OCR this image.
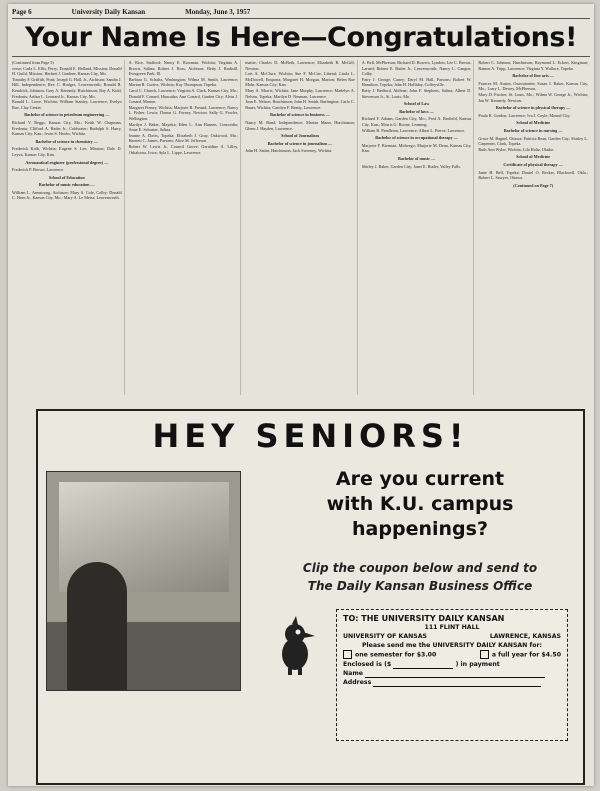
Page 6	University Daily Kansan	Monday, June 3, 1957
Your Name Is Here—Congratulations!

(Continued from Page 5)

verse; Carla L. Ellis, Perry; Donald E. Holland, Mission; Donald H. Guild, Mission; Herbert J. Gardner, Kansas City, Mo.

Timothy F. Griffith, Pratt; Joseph G. Hall, Jr., Atchison; Sandra J. Hill, Independence; Rex C. Hodges, Leavenworth; Ronald R. Kendrick, Johnson; Gary A. Kennedy, Hutchinson; Ray A. Kidd, Fredonia; Arthur L. Leonard Jr., Kansas City, Mo.

Ronald L. Lowe, Wichita; William Stanley, Lawrence; Evelyn Rue, Clay Center.

Bachelor of science in petroleum engineering —

Richard V. Beggs, Kansas City, Mo.; Keith W. Chapman, Fredonia; Clifford A. Rader Jr., Coldwater; Rudolph S. Harry, Kansas City, Kan.; Irwin S. Hooks, Wichita.

Bachelor of science in chemistry —

Frederick Kolb, Wichita; Eugene S. Lee, Mission; Dale D. Leyva, Kansas City, Kan.

Aeronautical engineer (professional degree) —

Frederick P. Brown, Lawrence.

School of Education

Bachelor of music education —

William L. Armstrong, Atchison; Mary S. Cole, Colby; Donald C. Horn Jr., Kansas City, Mo.; Mary A. Le Meise, Leavenworth.

A. Rice, Stafford; Nancy E. Rowman, Wichita; Virginia A. Brown, Salina; Robert J. Ross, Atchison; Betty J. Rudisill, Evergreen Park, Ill.

Barbara G. Schultz, Washington; Wilma M. Smith, Lawrence; Marian R. Curtiss, Wichita; Kay Thompson, Topeka.

Carol C. Church, Lawrence; Virginia A. Clark, Kansas City, Mo.; Donald F. Conard, Hiawatha; Ann Conard, Garden City; Alvin J. Conard, Marion.

Margaret Finney, Wichita; Marjorie R. Freund, Lawrence; Nancy L. Fisher, Lewis; Donna G. Forney, Newton; Sally G. Fowler, Wellington.

Marilyn J. Baker, Mayetta; Eden L. Ann Hansen, Concordia; Anne E. Schuster, Salina.

Jeanne A. Davis, Topeka; Elizabeth J. Gray, Oakwood, Mo.; Harriett C. James, Parsons; Alice M. Jefferson.

Robert W. Lewis Jr., Council Grove; Geraldine A. Lilley, Oskaloosa, Iowa; Ayla L. Lippe, Lawrence.

mattie; Charles D. McBeth, Lawrence; Elizabeth R. McGill, Newton.

Lois A. McClure, Wichita; Sue F. McCue, Liberal; Linda L. McDowell, Emporia; Margaret H. Morgan, Marion; Helen Rae Mohr, Kansas City, Kan.

Mary A. Morris, Wichita; Jane Murphy, Lawrence; Madelyn A. Nelson, Topeka; Marilyn D. Neuman, Lawrence.

Joan E. Nelson, Hutchinson; John H. Smith, Burlington; Carlo C. Bauer, Wichita; Carolyn F. Beatty, Lawrence.

Bachelor of science in business —

Nancy M. Bond, Independence; Marian Mann, Hutchinson; Glenn J. Hayden, Lawrence.

School of Journalism

Bachelor of science in journalism —

John H. Sattin, Hutchinson; Jack Sweeney, Wichita.

A. Bell, McPherson; Richard D. Bowers, Lyndon; Lee C. Brown, Larned; Robert E. Butler Jr., Leavenworth; Nancy L. Cangue, Colby.

Fairy J. George, Caney; Daryl M. Hall, Parsons; Robert W. Hamilton, Topeka; John H. Holliday, Coffeyville.

Betty J. Bedford, Abilene; John F. Stephens, Salina; Albert D. Stevenson Jr., St. Louis, Mo.

School of Law

Bachelor of laws —

Richard F. Adams, Garden City, Mo.; Fred A. Barfield, Kansas City, Kan.; Morris G. Boone, Leaming.

William R. Pendleton, Lawrence; Albert L. Pierce, Lawrence.

Bachelor of science in occupational therapy —

Marjorie F. Bierman, Midwego; Marjorie M. Dean, Kansas City, Kan.

Bachelor of music —

Shirley J. Baker, Garden City; Janet E. Butler, Valley Falls.

Robert C. Johnson, Hutchinson; Raymond L. Eckert, Kingman; Ramon A. Tripp, Lawrence; Virginia Y. Wallace, Topeka.

Bachelor of fine arts —

Frances M. Austin, Osawatomie; Susan J. Baker, Kansas City, Mo.; Larry L. Dewey, McPherson.

Mary D. Fischer, St. Louis, Mo.; Wilma W. George Jr., Wichita; Jan W. Kennedy, Newton.

Bachelor of science in physical therapy —

Paula R. Gordon, Lawrence; Iva J. Coyle, Mound City.

School of Medicine

Bachelor of science in nursing —

Grace M. Bagnel, Ottawa; Patricia Bean, Garden City; Shirley L. Carpenter, Clark, Topeka.

Ruth Ann Wyler, Wichita; Lila Holtz, Olathe.

School of Medicine

Certificate of physical therapy —

Janie H. Bell, Topeka; Daniel O. Becker, Blackwell, Okla.; Robert L. Sawyer, Ottawa.

(Continued on Page 7)

HEY SENIORS!
Are you current
with K.U. campus
happenings?
Clip the coupon below and send to
The Daily Kansan Business Office
TO: THE UNIVERSITY DAILY KANSAN
111 FLINT HALL
UNIVERSITY OF KANSAS	LAWRENCE, KANSAS
Please send me the UNIVERSITY DAILY KANSAN for:
one semester for $3.00	a full year for $4.50
Enclosed is ($	) in payment
Name
Address
